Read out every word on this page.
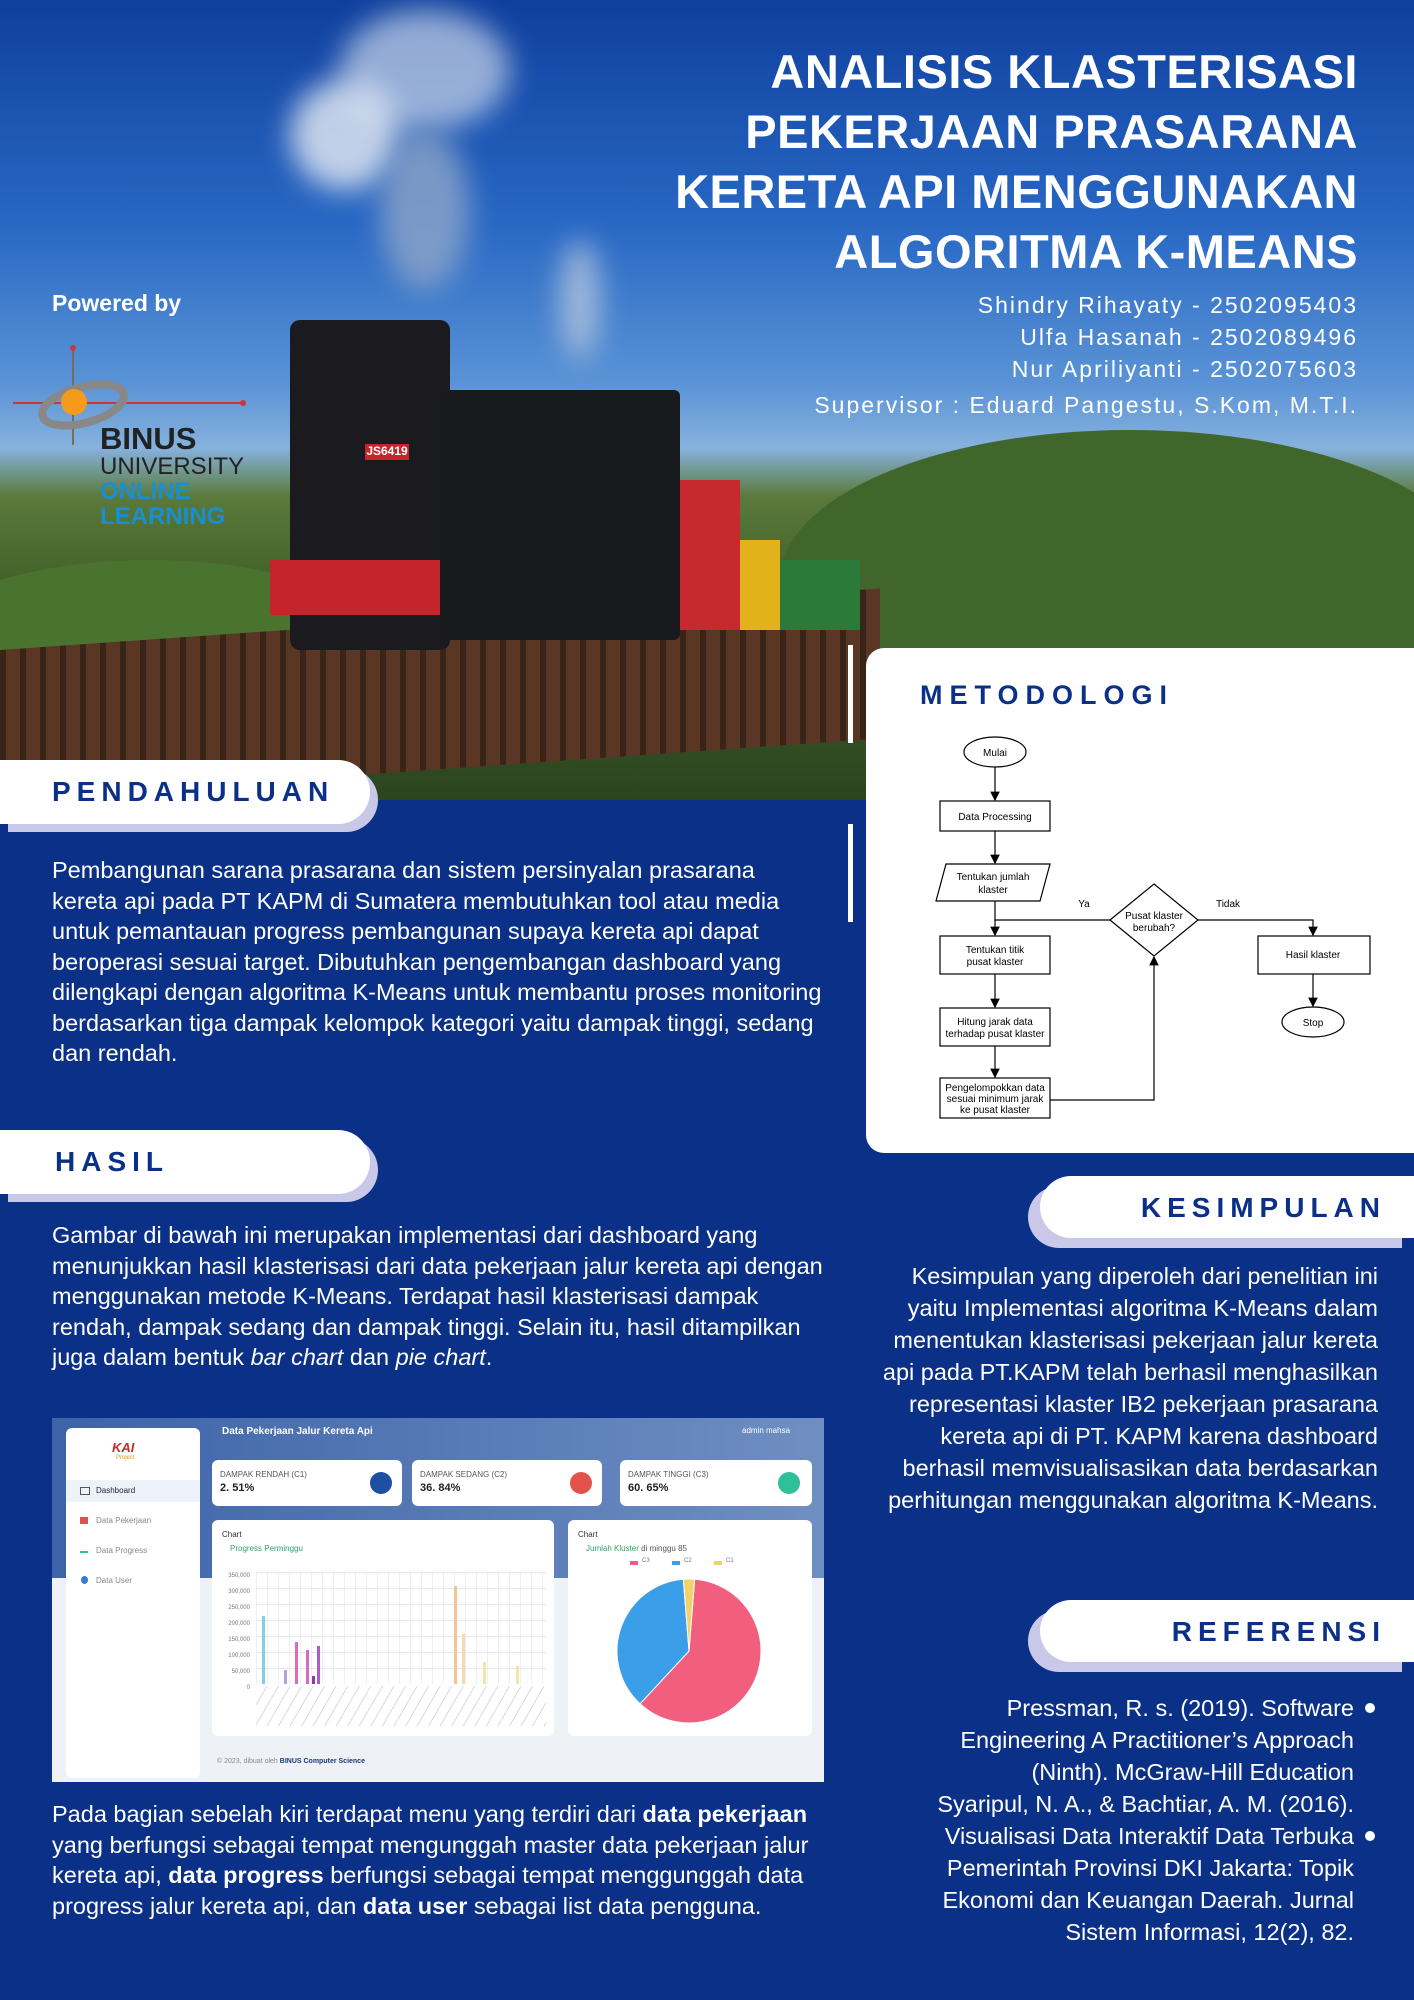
JS6419
ANALISIS KLASTERISASI
PEKERJAAN PRASARANA
KERETA API MENGGUNAKAN
ALGORITMA K-MEANS
Shindry Rihayaty - 2502095403
Ulfa Hasanah - 2502089496
Nur Apriliyanti - 2502075603
Supervisor : Eduard Pangestu, S.Kom, M.T.I.
Powered by
BINUS
UNIVERSITY
ONLINE
LEARNING
PENDAHULUAN
Pembangunan sarana prasarana dan sistem persinyalan prasarana kereta api pada PT KAPM di Sumatera membutuhkan tool atau media untuk pemantauan progress pembangunan supaya kereta api dapat beroperasi sesuai target. Dibutuhkan pengembangan dashboard yang dilengkapi dengan algoritma K-Means untuk membantu proses monitoring berdasarkan tiga dampak kelompok kategori yaitu dampak tinggi, sedang dan rendah.
HASIL
Gambar di bawah ini merupakan implementasi dari dashboard yang menunjukkan hasil klasterisasi dari data pekerjaan jalur kereta api dengan menggunakan metode K-Means. Terdapat hasil klasterisasi dampak rendah, dampak sedang dan dampak tinggi. Selain itu, hasil ditampilkan juga dalam bentuk bar chart dan pie chart.
KAI
Project
Dashboard
Data Pekerjaan
Data Progress
Data User
Data Pekerjaan Jalur Kereta Api	admin mahsa
DAMPAK RENDAH (C1)
2. 51%
DAMPAK SEDANG (C2)
36. 84%
DAMPAK TINGGI (C3)
60. 65%
Chart
Progress Perminggu
350,000
300,000
250,000
200,000
150,000
100,000
50,000
0
Chart
Jumlah Kluster di minggu 85
C3	C2	C1
© 2023, dibuat oleh BINUS Computer Science
Pada bagian sebelah kiri terdapat menu yang terdiri dari data pekerjaan yang berfungsi sebagai tempat mengunggah master data pekerjaan jalur kereta api, data progress berfungsi sebagai tempat menggunggah data progress jalur kereta api, dan data user sebagai list data pengguna.
METODOLOGI
Mulai
Data Processing
Tentukan jumlah
klaster
Tentukan titik
pusat klaster
Hitung jarak data
terhadap pusat klaster
Pengelompokkan data
sesuai minimum jarak
ke pusat klaster
Pusat klaster
berubah?
Ya	Tidak
Hasil klaster
Stop
KESIMPULAN
Kesimpulan yang diperoleh dari penelitian ini yaitu Implementasi algoritma K-Means dalam menentukan klasterisasi pekerjaan jalur kereta api pada PT.KAPM telah berhasil menghasilkan representasi klaster IB2 pekerjaan prasarana kereta api di PT. KAPM karena dashboard berhasil memvisualisasikan data berdasarkan perhitungan menggunakan algoritma K-Means.
REFERENSI
Pressman, R. s. (2019). Software Engineering A Practitioner’s Approach (Ninth). McGraw-Hill Education
Syaripul, N. A., & Bachtiar, A. M. (2016). Visualisasi Data Interaktif Data Terbuka Pemerintah Provinsi DKI Jakarta: Topik Ekonomi dan Keuangan Daerah. Jurnal Sistem Informasi, 12(2), 82.
